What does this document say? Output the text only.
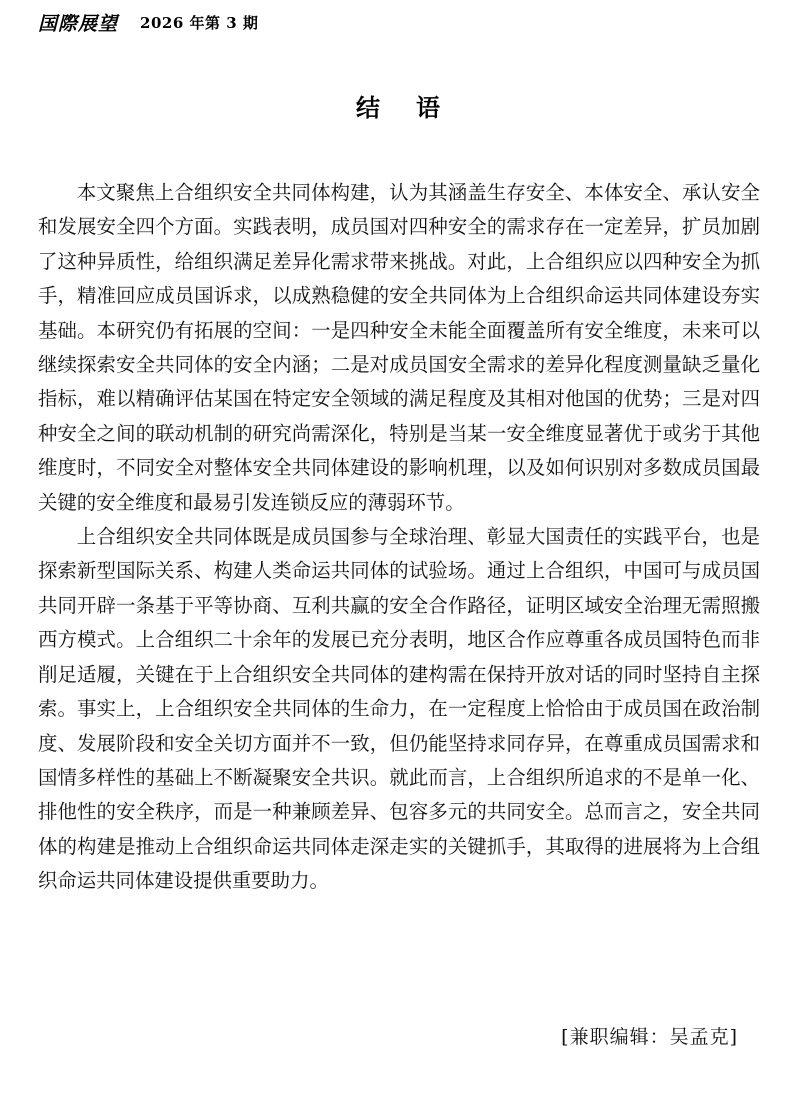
国際展望 2026 年第 3 期
结语

本文聚焦上合组织安全共同体构建，认为其涵盖生存安全、本体安全、承认安全和发展安全四个方面。实践表明，成员国对四种安全的需求存在一定差异，扩员加剧了这种异质性，给组织满足差异化需求带来挑战。对此，上合组织应以四种安全为抓手，精准回应成员国诉求，以成熟稳健的安全共同体为上合组织命运共同体建设夯实基础。本研究仍有拓展的空间：一是四种安全未能全面覆盖所有安全维度，未来可以继续探索安全共同体的安全内涵；二是对成员国安全需求的差异化程度测量缺乏量化指标，难以精确评估某国在特定安全领域的满足程度及其相对他国的优势；三是对四种安全之间的联动机制的研究尚需深化，特别是当某一安全维度显著优于或劣于其他维度时，不同安全对整体安全共同体建设的影响机理，以及如何识别对多数成员国最关键的安全维度和最易引发连锁反应的薄弱环节。

上合组织安全共同体既是成员国参与全球治理、彰显大国责任的实践平台，也是探索新型国际关系、构建人类命运共同体的试验场。通过上合组织，中国可与成员国共同开辟一条基于平等协商、互利共赢的安全合作路径，证明区域安全治理无需照搬西方模式。上合组织二十余年的发展已充分表明，地区合作应尊重各成员国特色而非削足适履，关键在于上合组织安全共同体的建构需在保持开放对话的同时坚持自主探索。事实上，上合组织安全共同体的生命力，在一定程度上恰恰由于成员国在政治制度、发展阶段和安全关切方面并不一致，但仍能坚持求同存异，在尊重成员国需求和国情多样性的基础上不断凝聚安全共识。就此而言，上合组织所追求的不是单一化、排他性的安全秩序，而是一种兼顾差异、包容多元的共同安全。总而言之，安全共同体的构建是推动上合组织命运共同体走深走实的关键抓手，其取得的进展将为上合组织命运共同体建设提供重要助力。

[兼职编辑：吴孟克]
